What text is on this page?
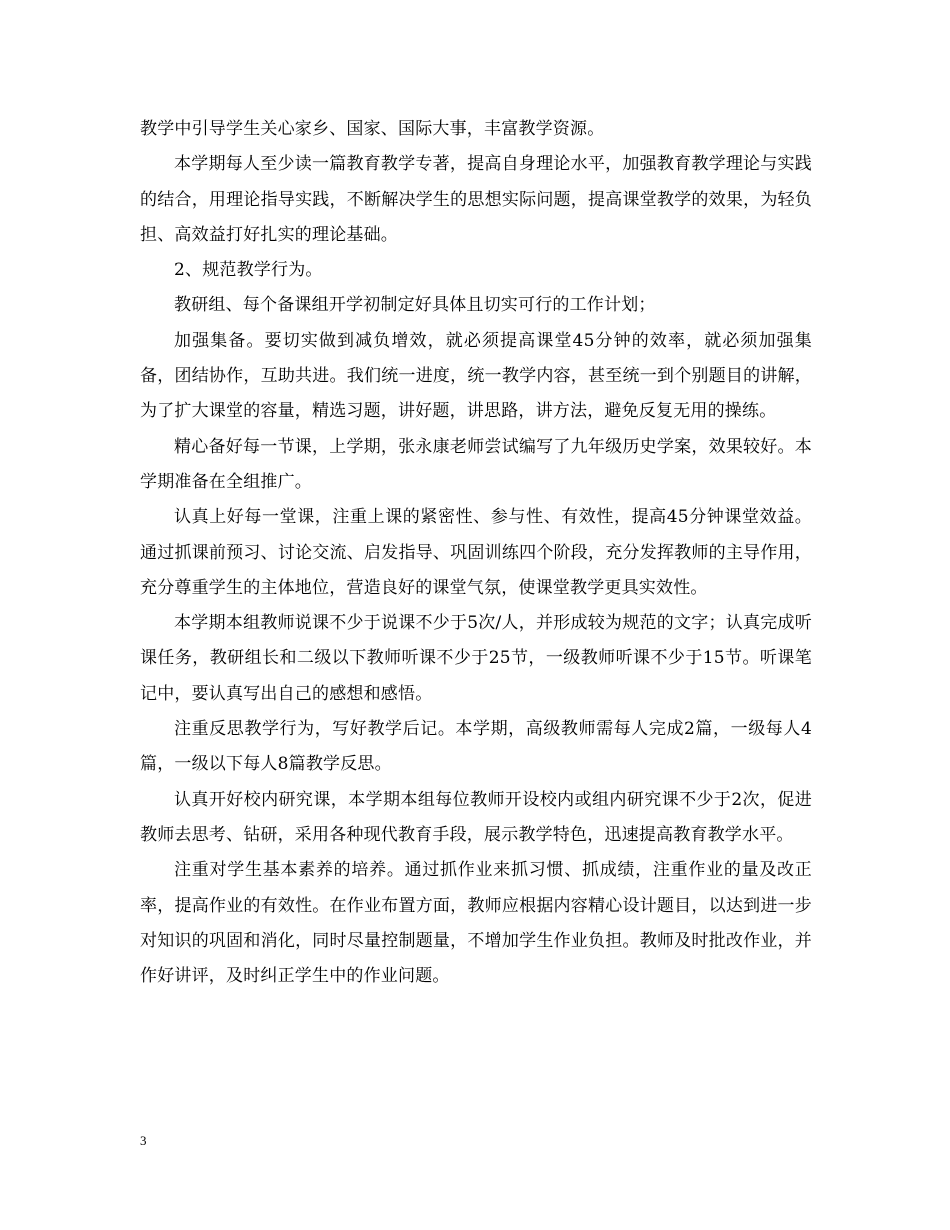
教学中引导学生关心家乡、国家、国际大事，丰富教学资源。

本学期每人至少读一篇教育教学专著，提高自身理论水平，加强教育教学理论与实践的结合，用理论指导实践，不断解决学生的思想实际问题，提高课堂教学的效果，为轻负担、高效益打好扎实的理论基础。

2、规范教学行为。

教研组、每个备课组开学初制定好具体且切实可行的工作计划；

加强集备。要切实做到减负增效，就必须提高课堂45分钟的效率，就必须加强集备，团结协作，互助共进。我们统一进度，统一教学内容，甚至统一到个别题目的讲解，为了扩大课堂的容量，精选习题，讲好题，讲思路，讲方法，避免反复无用的操练。

精心备好每一节课，上学期，张永康老师尝试编写了九年级历史学案，效果较好。本学期准备在全组推广。

认真上好每一堂课，注重上课的紧密性、参与性、有效性，提高45分钟课堂效益。通过抓课前预习、讨论交流、启发指导、巩固训练四个阶段，充分发挥教师的主导作用，充分尊重学生的主体地位，营造良好的课堂气氛，使课堂教学更具实效性。

本学期本组教师说课不少于说课不少于5次/人，并形成较为规范的文字；认真完成听课任务，教研组长和二级以下教师听课不少于25节，一级教师听课不少于15节。听课笔记中，要认真写出自己的感想和感悟。

注重反思教学行为，写好教学后记。本学期，高级教师需每人完成2篇，一级每人4篇，一级以下每人8篇教学反思。

认真开好校内研究课，本学期本组每位教师开设校内或组内研究课不少于2次，促进教师去思考、钻研，采用各种现代教育手段，展示教学特色，迅速提高教育教学水平。

注重对学生基本素养的培养。通过抓作业来抓习惯、抓成绩，注重作业的量及改正率，提高作业的有效性。在作业布置方面，教师应根据内容精心设计题目，以达到进一步对知识的巩固和消化，同时尽量控制题量，不增加学生作业负担。教师及时批改作业，并作好讲评，及时纠正学生中的作业问题。

3
